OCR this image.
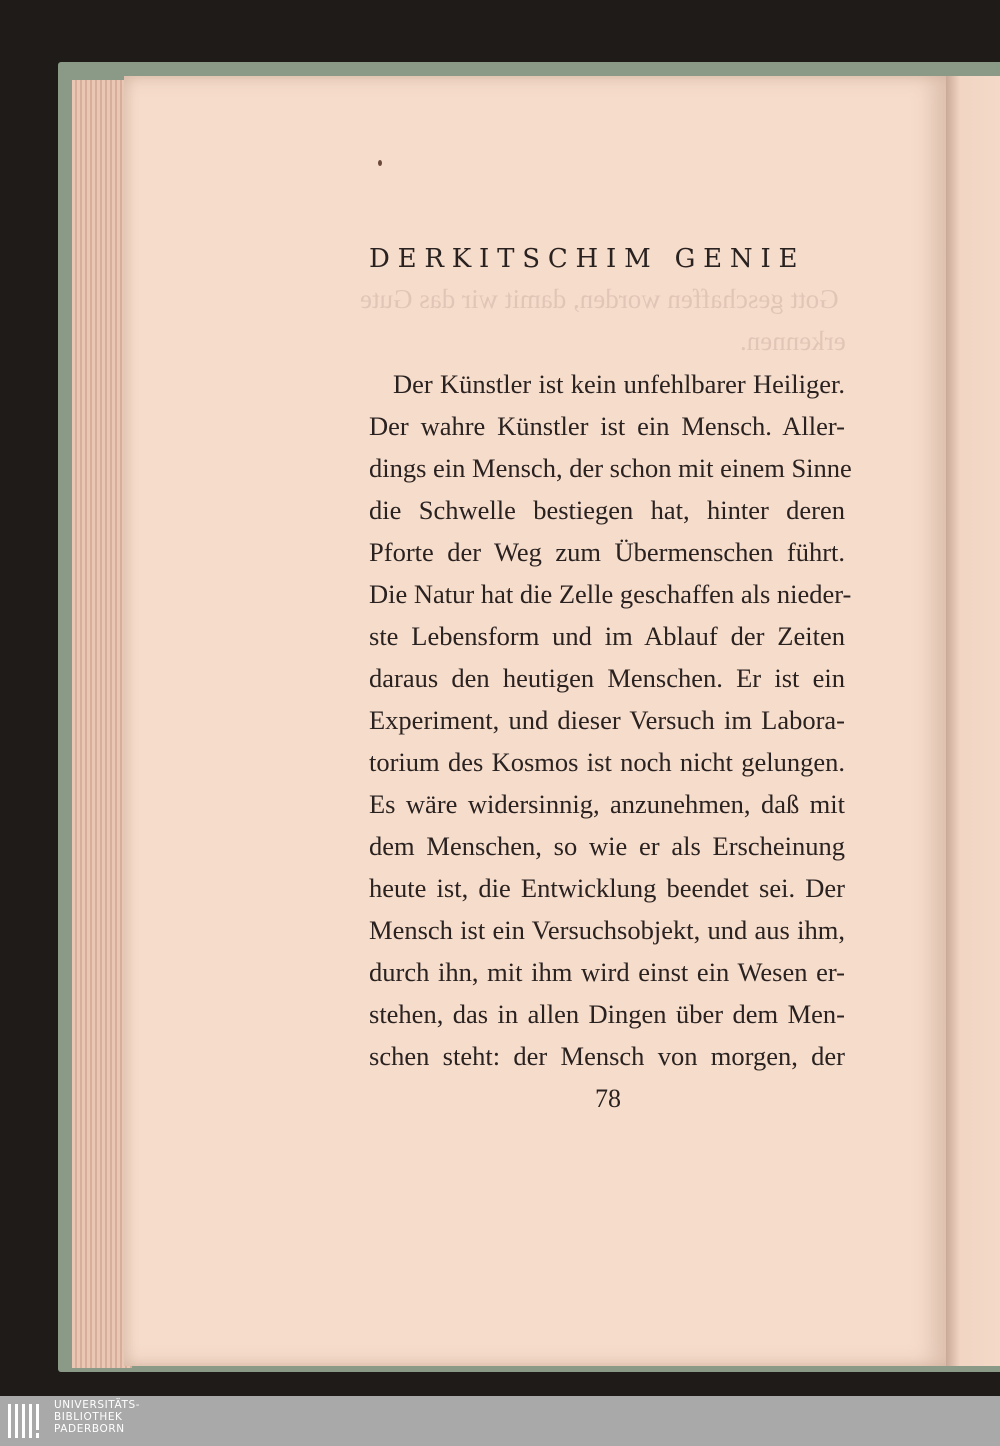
DERKITSCHIM GENIE
Gott geschaffen worden, damit wir das Gute
erkennen.
Der Künstler ist kein unfehlbarer Heiliger.
Der wahre Künstler ist ein Mensch. Aller-
dings ein Mensch, der schon mit einem Sinne
die Schwelle bestiegen hat, hinter deren
Pforte der Weg zum Übermenschen führt.
Die Natur hat die Zelle geschaffen als nieder-
ste Lebensform und im Ablauf der Zeiten
daraus den heutigen Menschen. Er ist ein
Experiment, und dieser Versuch im Labora-
torium des Kosmos ist noch nicht gelungen.
Es wäre widersinnig, anzunehmen, daß mit
dem Menschen, so wie er als Erscheinung
heute ist, die Entwicklung beendet sei. Der
Mensch ist ein Versuchsobjekt, und aus ihm,
durch ihn, mit ihm wird einst ein Wesen er-
stehen, das in allen Dingen über dem Men-
schen steht: der Mensch von morgen, der
78
UNIVERSITÄTS-
BIBLIOTHEK
PADERBORN
